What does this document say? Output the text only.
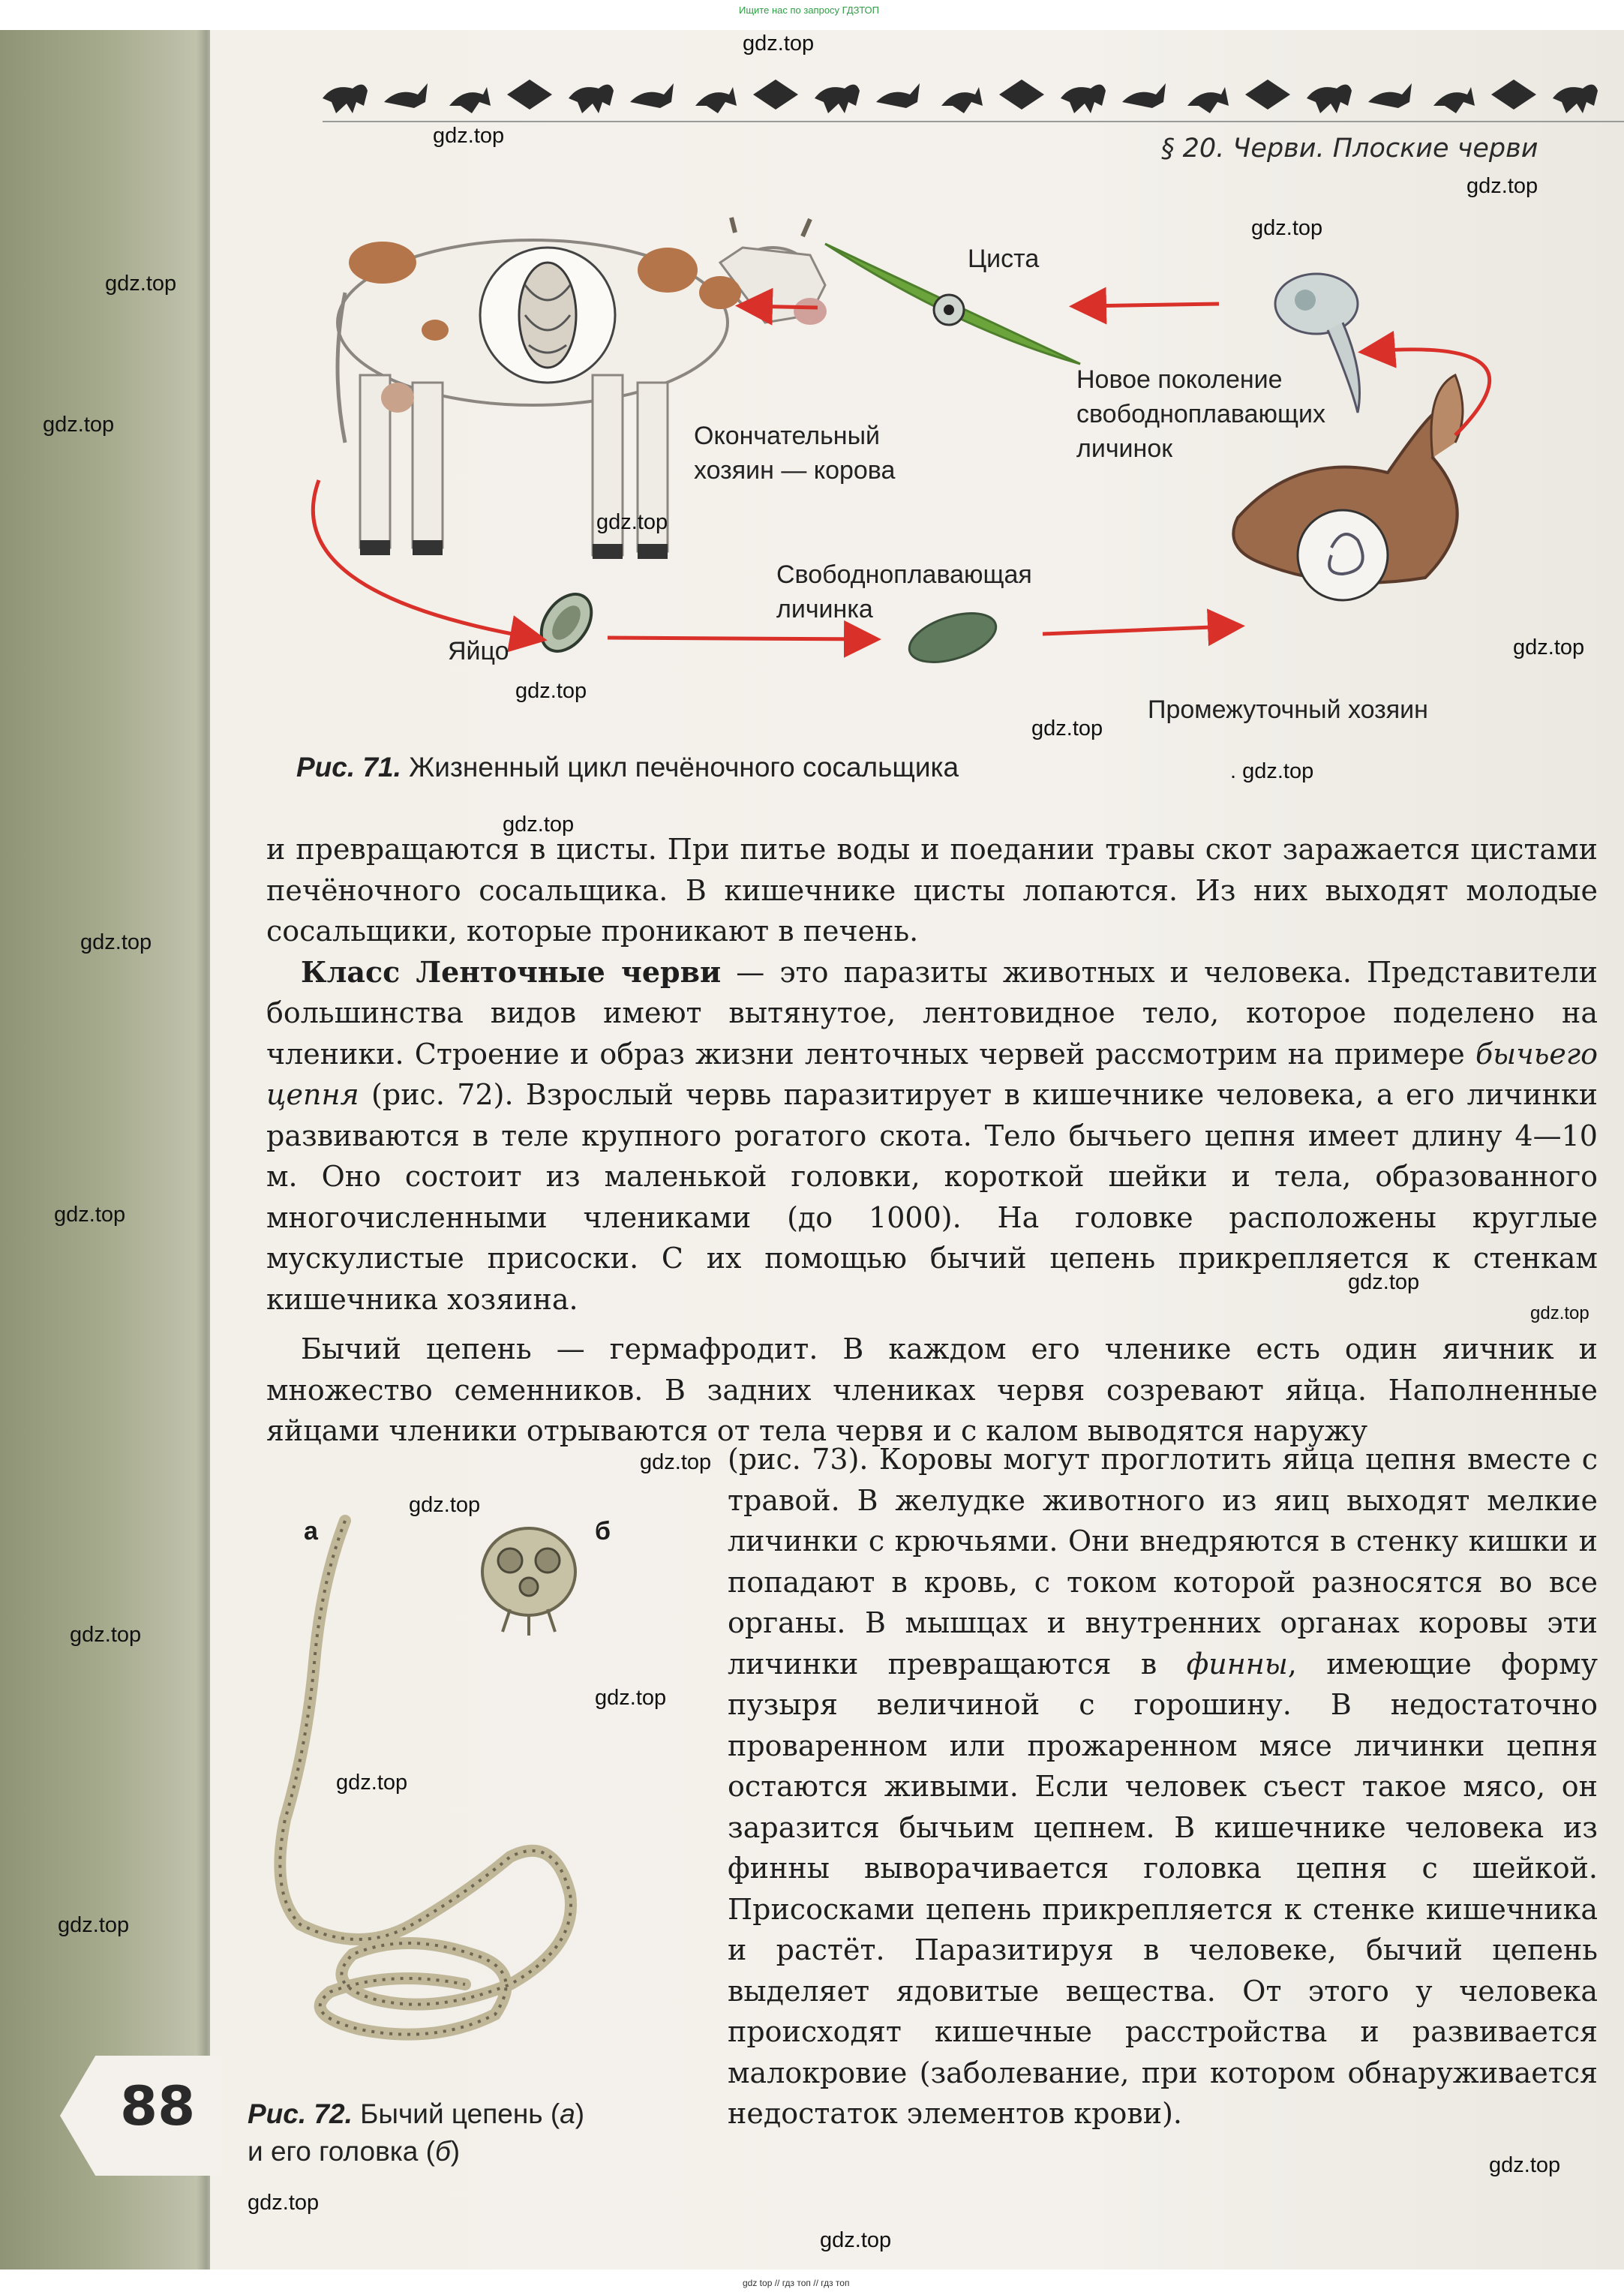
Ищите нас по запросу ГДЗТОП
§ 20. Черви. Плоские черви
Циста
Новое поколение
свободноплавающих
личинок
Окончательный
хозяин — корова
Свободноплавающая
личинка
Яйцо
Промежуточный хозяин
Рис. 71. Жизненный цикл печёночного сосальщика

и превращаются в цисты. При питье воды и поедании травы скот заражается цистами печёночного сосальщика. В кишечнике цисты лопаются. Из них выходят молодые сосальщики, которые проникают в печень.

Класс Ленточные черви — это паразиты животных и человека. Представители большинства видов имеют вытянутое, лентовидное тело, которое поделено на членики. Строение и образ жизни ленточных червей рассмотрим на примере бычьего цепня (рис. 72). Взрослый червь паразитирует в кишечнике человека, а его личинки развиваются в теле крупного рогатого скота. Тело бычьего цепня имеет длину 4—10 м. Оно состоит из маленькой головки, короткой шейки и тела, образованного многочисленными члениками (до 1000). На головке расположены круглые мускулистые присоски. С их помощью бычий цепень прикрепляется к стенкам кишечника хозяина.

Бычий цепень — гермафродит. В каждом его членике есть один яичник и множество семенников. В задних члениках червя созревают яйца. Наполненные яйцами членики отрываются от тела червя и с калом выводятся наружу

(рис. 73). Коровы могут проглотить яйца цепня вместе с травой. В желудке животного из яиц выходят мелкие личинки с крючьями. Они внедряются в стенку кишки и попадают в кровь, с током которой разносятся во все органы. В мышцах и внутренних органах коровы эти личинки превращаются в финны, имеющие форму пузыря величиной с горошину. В недостаточно проваренном или прожаренном мясе личинки цепня остаются живыми. Если человек съест такое мясо, он заразится бычьим цепнем. В кишечнике человека из финны выворачивается головка цепня с шейкой. Присосками цепень прикрепляется к стенке кишечника и растёт. Паразитируя в человеке, бычий цепень выделяет ядовитые вещества. От этого у человека происходят кишечные расстройства и развивается малокровие (заболевание, при котором обнаруживается недостаток элементов крови).

а	б
Рис. 72. Бычий цепень (а)
и его головка (б)
88
gdz.top
gdz.top
gdz.top
gdz.top
gdz.top
gdz.top
gdz.top
gdz.top
gdz.top
gdz.top
. gdz.top
gdz.top
gdz.top
gdz.top
gdz.top
gdz.top
gdz.top
gdz.top
gdz.top
gdz.top
gdz.top
gdz.top
gdz.top
gdz.top
gdz.top
gdz top // гдз топ // гдз топ
